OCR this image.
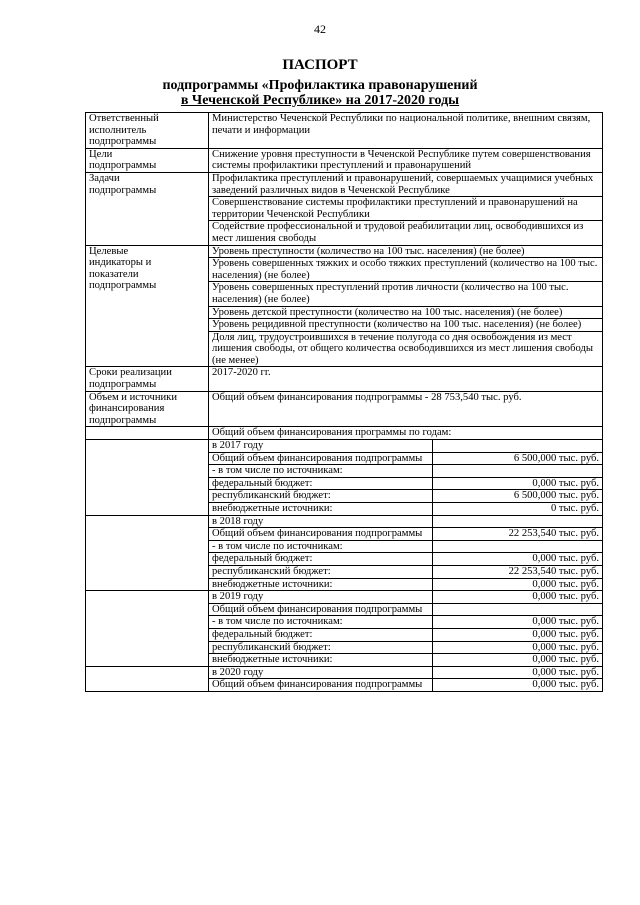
42
ПАСПОРТ
подпрограммы «Профилактика правонарушений
в Чеченской Республике» на 2017-2020 годы
Ответственный
исполнитель
подпрограммы	Министерство Чеченской Республики по национальной политике, внешним связям, печати и информации	

Цели
подпрограммы	Снижение уровня преступности в Чеченской Республике путем совершенствования системы профилактики преступлений и правонарушений	

Задачи
подпрограммы	Профилактика преступлений и правонарушений, совершаемых учащимися учебных заведений различных видов в Чеченской Республике	
	Совершенствование системы профилактики преступлений и правонарушений на территории Чеченской Республики	
	Содействие профессиональной и трудовой реабилитации лиц, освободившихся из мест лишения свободы	

Целевые
индикаторы и
показатели
подпрограммы	Уровень преступности (количество на 100 тыс. населения) (не более)	
	Уровень совершенных тяжких и особо тяжких преступлений (количество на 100 тыс. населения) (не более)	
	Уровень совершенных преступлений против личности (количество на 100 тыс. населения) (не более)	
	Уровень детской преступности (количество на 100 тыс. населения) (не более)	
	Уровень рецидивной преступности (количество на 100 тыс. населения) (не более)	
	Доля лиц, трудоустроившихся в течение полугода со дня освобождения из мест лишения свободы, от общего количества освободившихся из мест лишения свободы (не менее)	

Сроки реализации
подпрограммы	2017-2020 гг.	

Объем и источники
финансирования
подпрограммы	Общий объем финансирования подпрограммы - 28 753,540 тыс. руб.	
	Общий объем финансирования программы по годам:	
	в 2017 году	
	Общий объем финансирования подпрограммы	6 500,000 тыс. руб.
	- в том числе по источникам:	
	федеральный бюджет:	0,000 тыс. руб.
	республиканский бюджет:	6 500,000 тыс. руб.
	внебюджетные источники:	0 тыс. руб.
	в 2018 году	
	Общий объем финансирования подпрограммы	22 253,540 тыс. руб.
	- в том числе по источникам:	
	федеральный бюджет:	0,000 тыс. руб.
	республиканский бюджет:	22 253,540 тыс. руб.
	внебюджетные источники:	0,000 тыс. руб.
	в 2019 году	0,000 тыс. руб.
	Общий объем финансирования подпрограммы	
	- в том числе по источникам:	0,000 тыс. руб.
	федеральный бюджет:	0,000 тыс. руб.
	республиканский бюджет:	0,000 тыс. руб.
	внебюджетные источники:	0,000 тыс. руб.
	в 2020 году	0,000 тыс. руб.
	Общий объем финансирования подпрограммы	0,000 тыс. руб.
